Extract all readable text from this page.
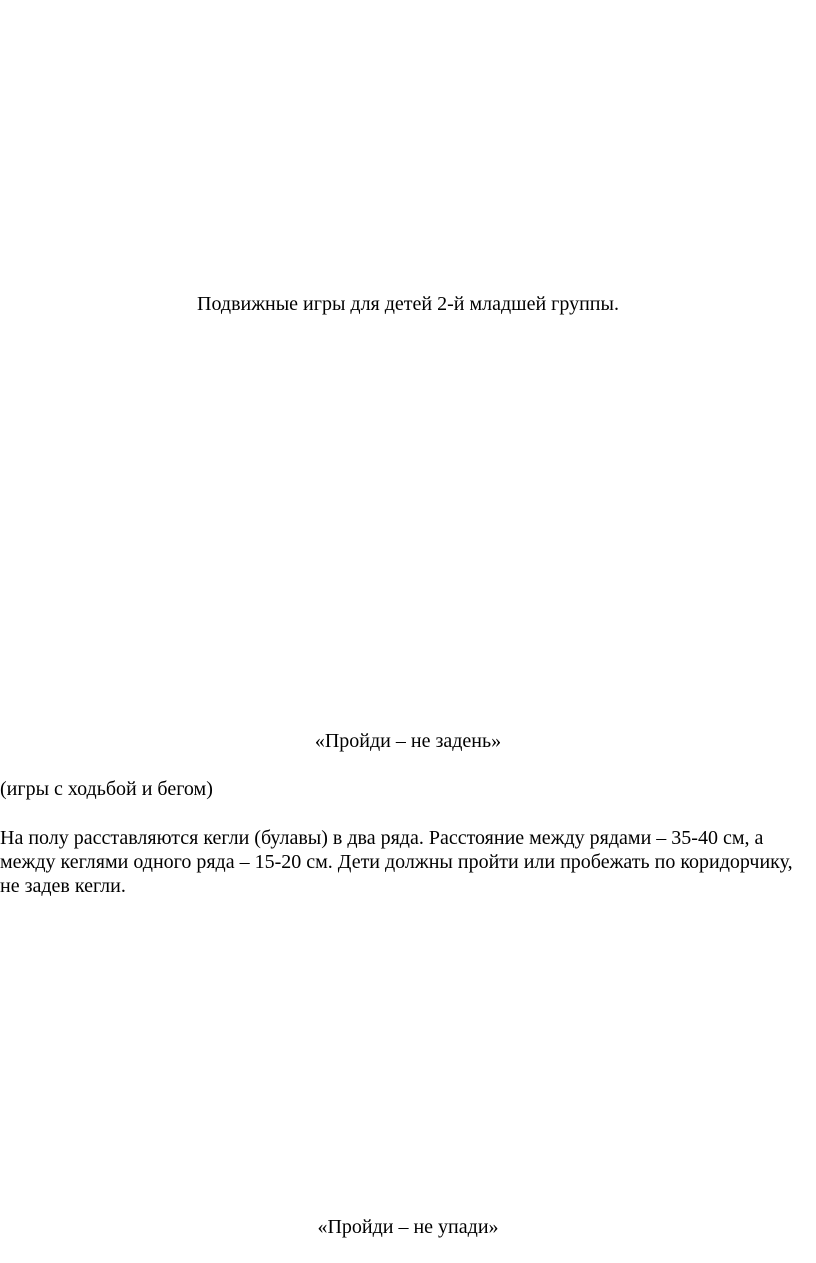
Подвижные игры для детей 2-й младшей группы.

«Пройди – не задень»

(игры с ходьбой и бегом)

На полу расставляются кегли (булавы) в два ряда. Расстояние между рядами – 35-40 см, а между кеглями одного ряда – 15-20 см. Дети должны пройти или пробежать по коридорчику, не задев кегли.

«Пройди – не упади»
